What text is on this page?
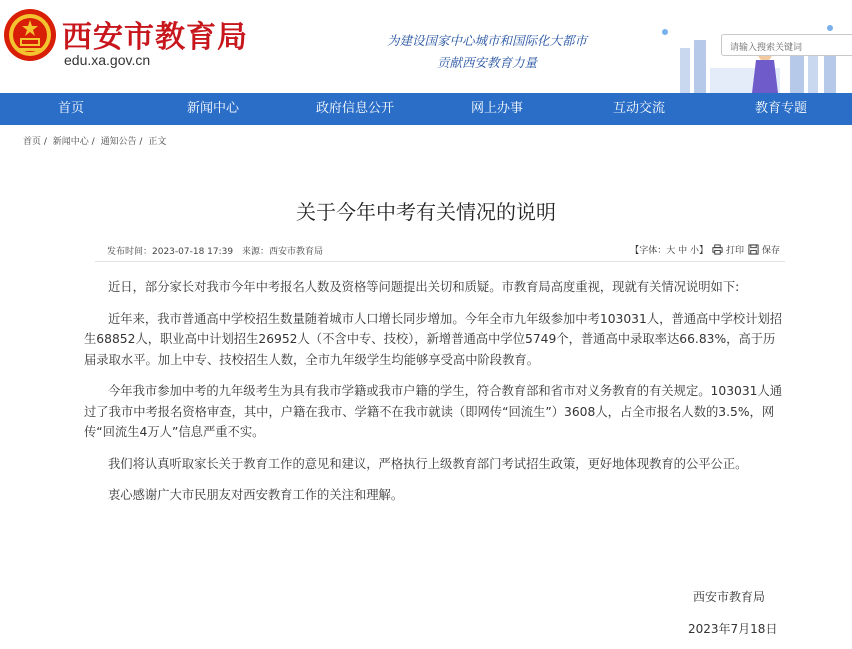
西安市教育局
edu.xa.gov.cn
为建设国家中心城市和国际化大都市
贡献西安教育力量
请输入搜索关键词
首页	新闻中心	政府信息公开	网上办事	互动交流	教育专题
首页 / 新闻中心 / 通知公告 / 正文
关于今年中考有关情况的说明
发布时间：2023-07-18 17:39 来源：西安市教育局	【字体：大 中 小】 打印 保存

近日，部分家长对我市今年中考报名人数及资格等问题提出关切和质疑。市教育局高度重视，现就有关情况说明如下:

近年来，我市普通高中学校招生数量随着城市人口增长同步增加。今年全市九年级参加中考103031人，普通高中学校计划招生68852人，职业高中计划招生26952人（不含中专、技校），新增普通高中学位5749个，普通高中录取率达66.83%，高于历届录取水平。加上中专、技校招生人数，全市九年级学生均能够享受高中阶段教育。

今年我市参加中考的九年级考生为具有我市学籍或我市户籍的学生，符合教育部和省市对义务教育的有关规定。103031人通过了我市中考报名资格审查，其中，户籍在我市、学籍不在我市就读（即网传“回流生”）3608人，占全市报名人数的3.5%，网传“回流生4万人”信息严重不实。

我们将认真听取家长关于教育工作的意见和建议，严格执行上级教育部门考试招生政策，更好地体现教育的公平公正。

衷心感谢广大市民朋友对西安教育工作的关注和理解。

西安市教育局
2023年7月18日
